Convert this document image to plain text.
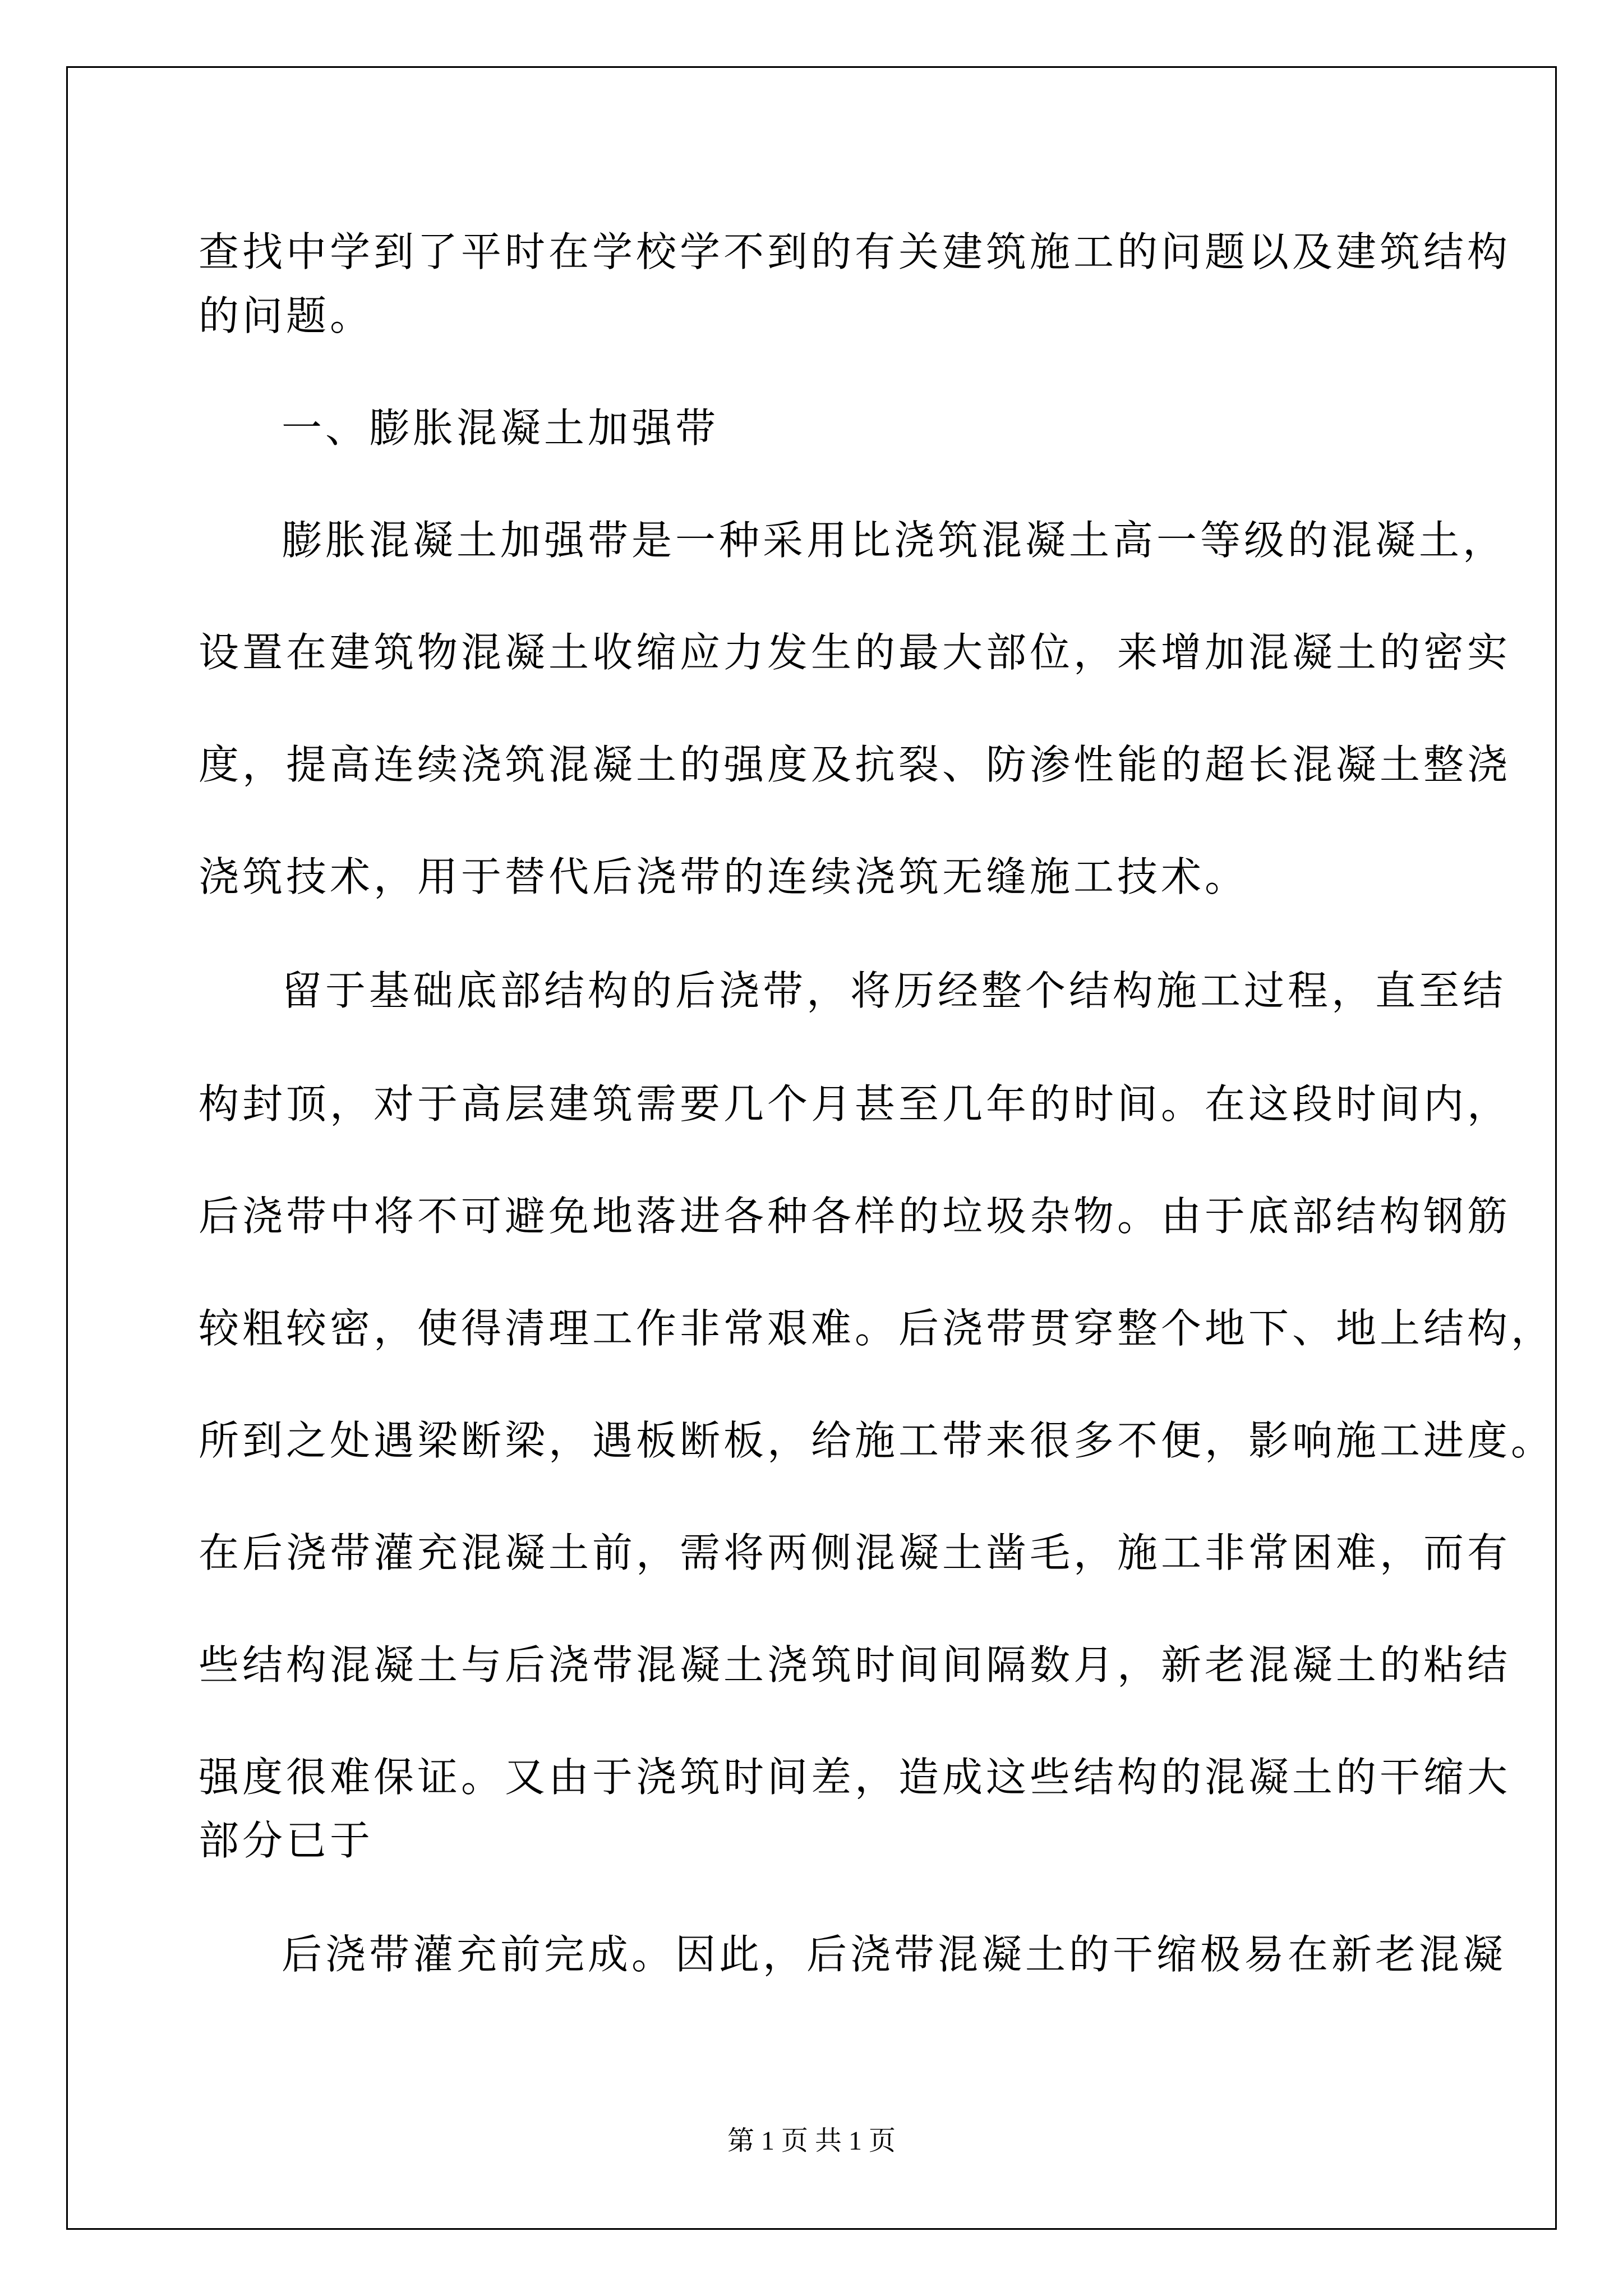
查找中学到了平时在学校学不到的有关建筑施工的问题以及建筑结构
的问题。
一、膨胀混凝土加强带
膨胀混凝土加强带是一种采用比浇筑混凝土高一等级的混凝土，
设置在建筑物混凝土收缩应力发生的最大部位，来增加混凝土的密实
度，提高连续浇筑混凝土的强度及抗裂、防渗性能的超长混凝土整浇
浇筑技术，用于替代后浇带的连续浇筑无缝施工技术。
留于基础底部结构的后浇带，将历经整个结构施工过程，直至结
构封顶，对于高层建筑需要几个月甚至几年的时间。在这段时间内，
后浇带中将不可避免地落进各种各样的垃圾杂物。由于底部结构钢筋
较粗较密，使得清理工作非常艰难。后浇带贯穿整个地下、地上结构，
所到之处遇梁断梁，遇板断板，给施工带来很多不便，影响施工进度。
在后浇带灌充混凝土前，需将两侧混凝土凿毛，施工非常困难，而有
些结构混凝土与后浇带混凝土浇筑时间间隔数月，新老混凝土的粘结
强度很难保证。又由于浇筑时间差，造成这些结构的混凝土的干缩大
部分已于
后浇带灌充前完成。因此，后浇带混凝土的干缩极易在新老混凝
第 1 页 共 1 页
